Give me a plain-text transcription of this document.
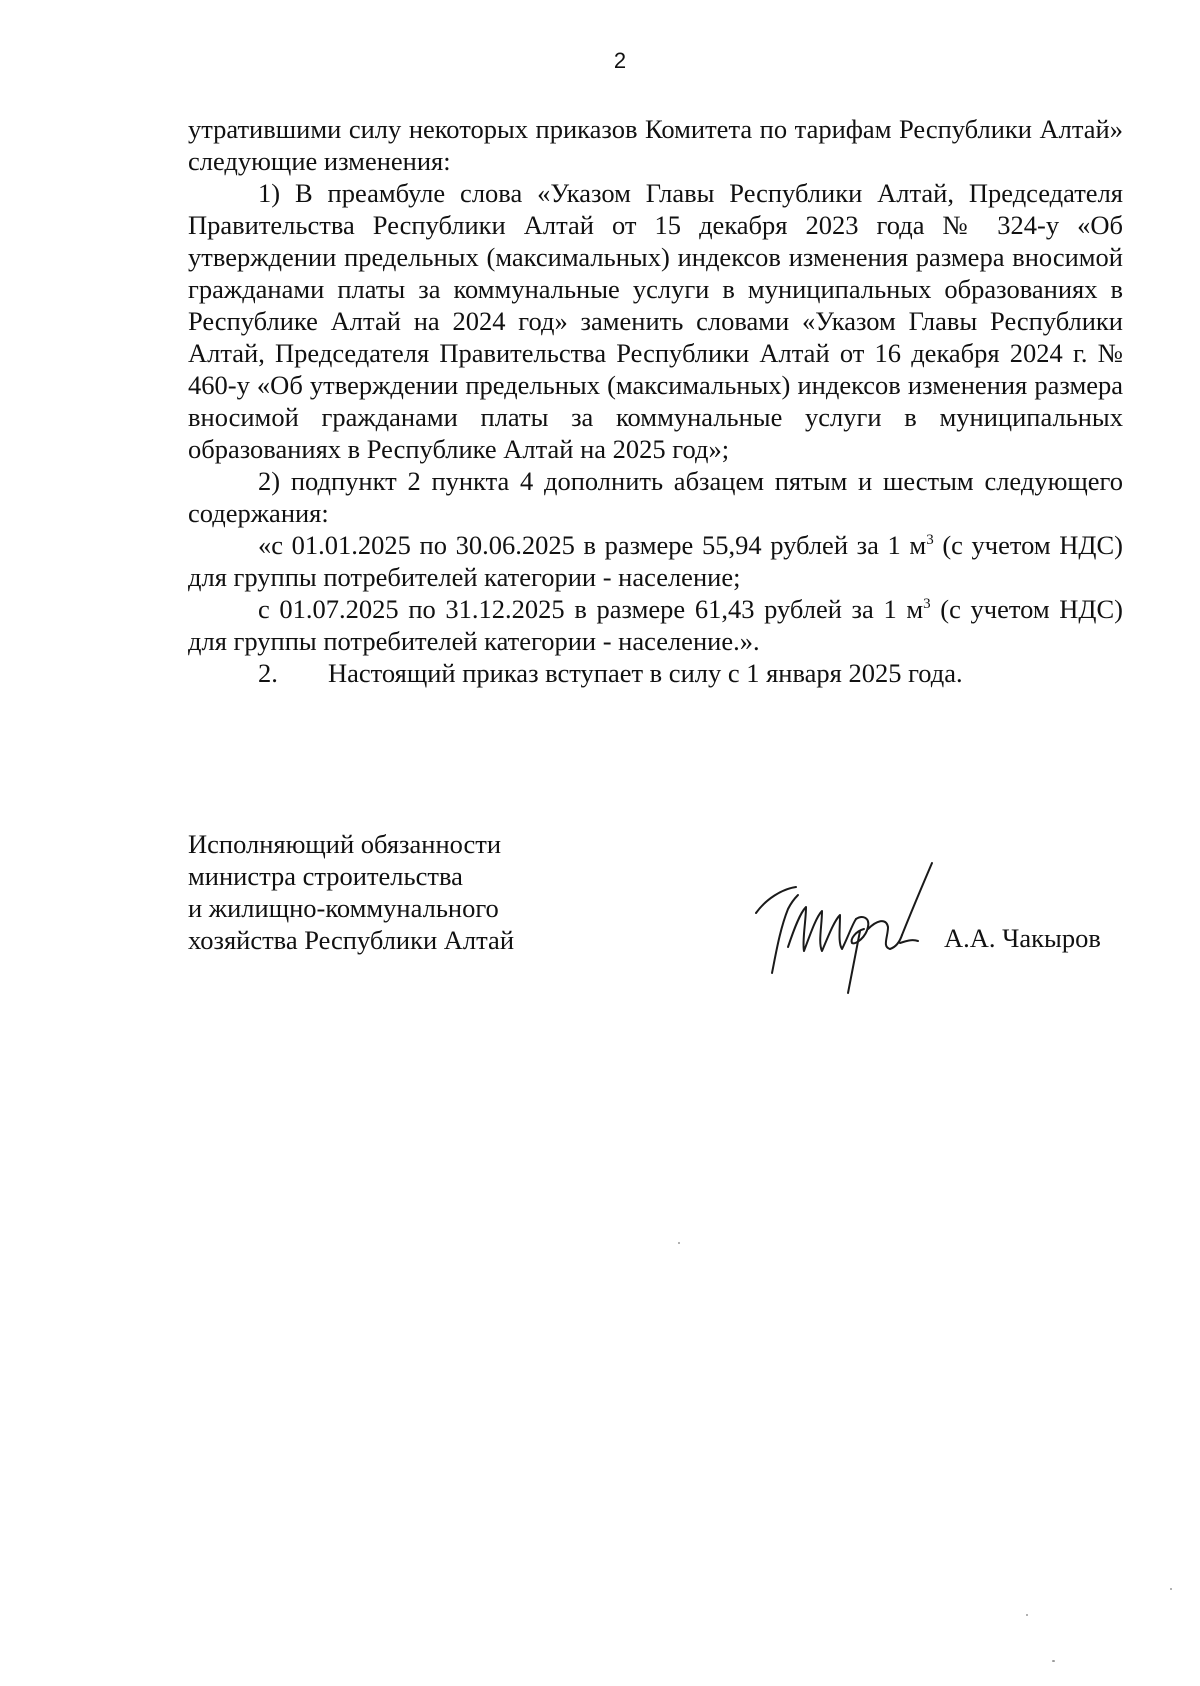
2

утратившими силу некоторых приказов Комитета по тарифам Республики Алтай» следующие изменения:

1) В преамбуле слова «Указом Главы Республики Алтай, Председателя Правительства Республики Алтай от 15 декабря 2023 года № 324-у «Об утверждении предельных (максимальных) индексов изменения размера вносимой гражданами платы за коммунальные услуги в муниципальных образованиях в Республике Алтай на 2024 год» заменить словами «Указом Главы Республики Алтай, Председателя Правительства Республики Алтай от 16 декабря 2024 г. № 460-у «Об утверждении предельных (максимальных) индексов изменения размера вносимой гражданами платы за коммунальные услуги в муниципальных образованиях в Республике Алтай на 2025 год»;

2) подпункт 2 пункта 4 дополнить абзацем пятым и шестым следующего содержания:

«с 01.01.2025 по 30.06.2025 в размере 55,94 рублей за 1 $м^3$ (с учетом НДС) для группы потребителей категории - население;

с 01.07.2025 по 31.12.2025 в размере 61,43 рублей за 1 $м^3$ (с учетом НДС) для группы потребителей категории - население.».

2. Настоящий приказ вступает в силу с 1 января 2025 года.

Исполняющий обязанности
министра строительства
и жилищно-коммунального
хозяйства Республики Алтай	А.А. Чакыров
